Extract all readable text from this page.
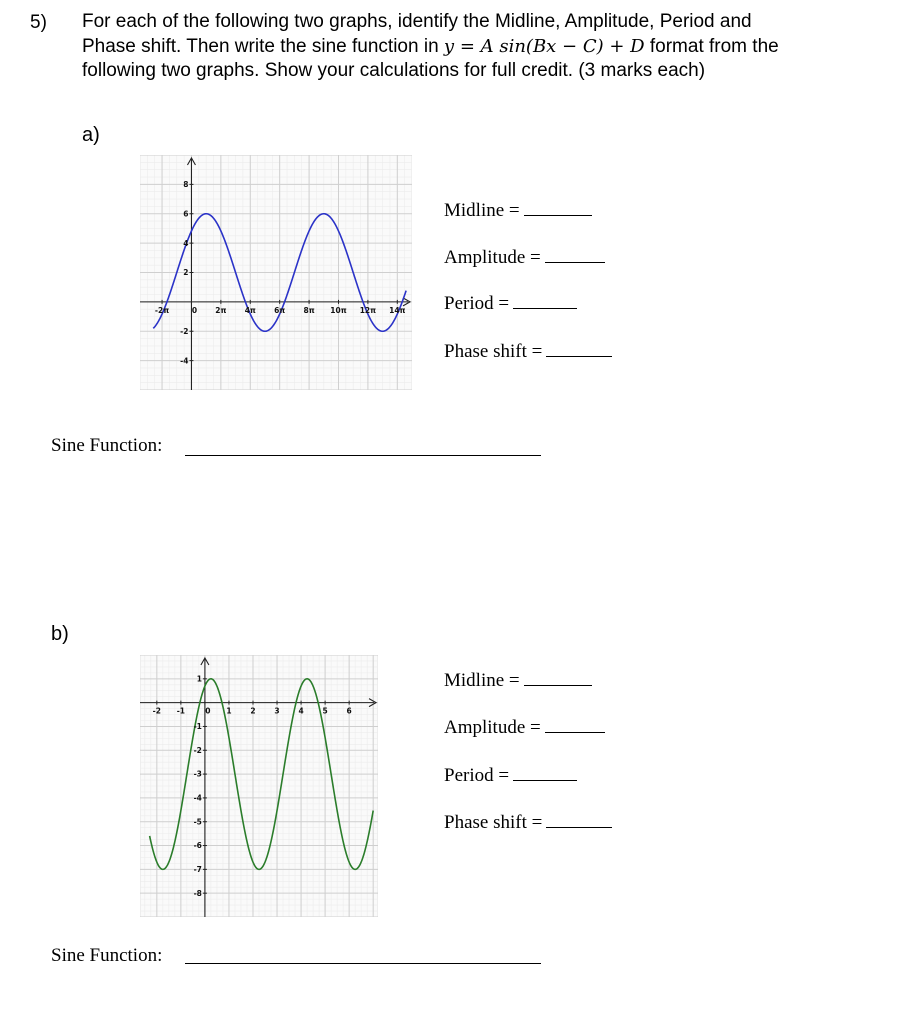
5) For each of the following two graphs, identify the Midline, Amplitude, Period and
Phase shift. Then write the sine function in y = A sin(Bx − C) + D format from the
following two graphs. Show your calculations for full credit. (3 marks each)
a)
-2π	0 2π 4π 6π 8π 10π 12π 14π
8
6
4
2
-2
-4
Midline =
Amplitude =
Period =
Phase shift =
Sine Function:
b)
-2 -1	0 1	2	3	4	5	6
1
-1
-2
-3
-4
-5
-6
-7
-8
Midline =
Amplitude =
Period =
Phase shift =
Sine Function:
